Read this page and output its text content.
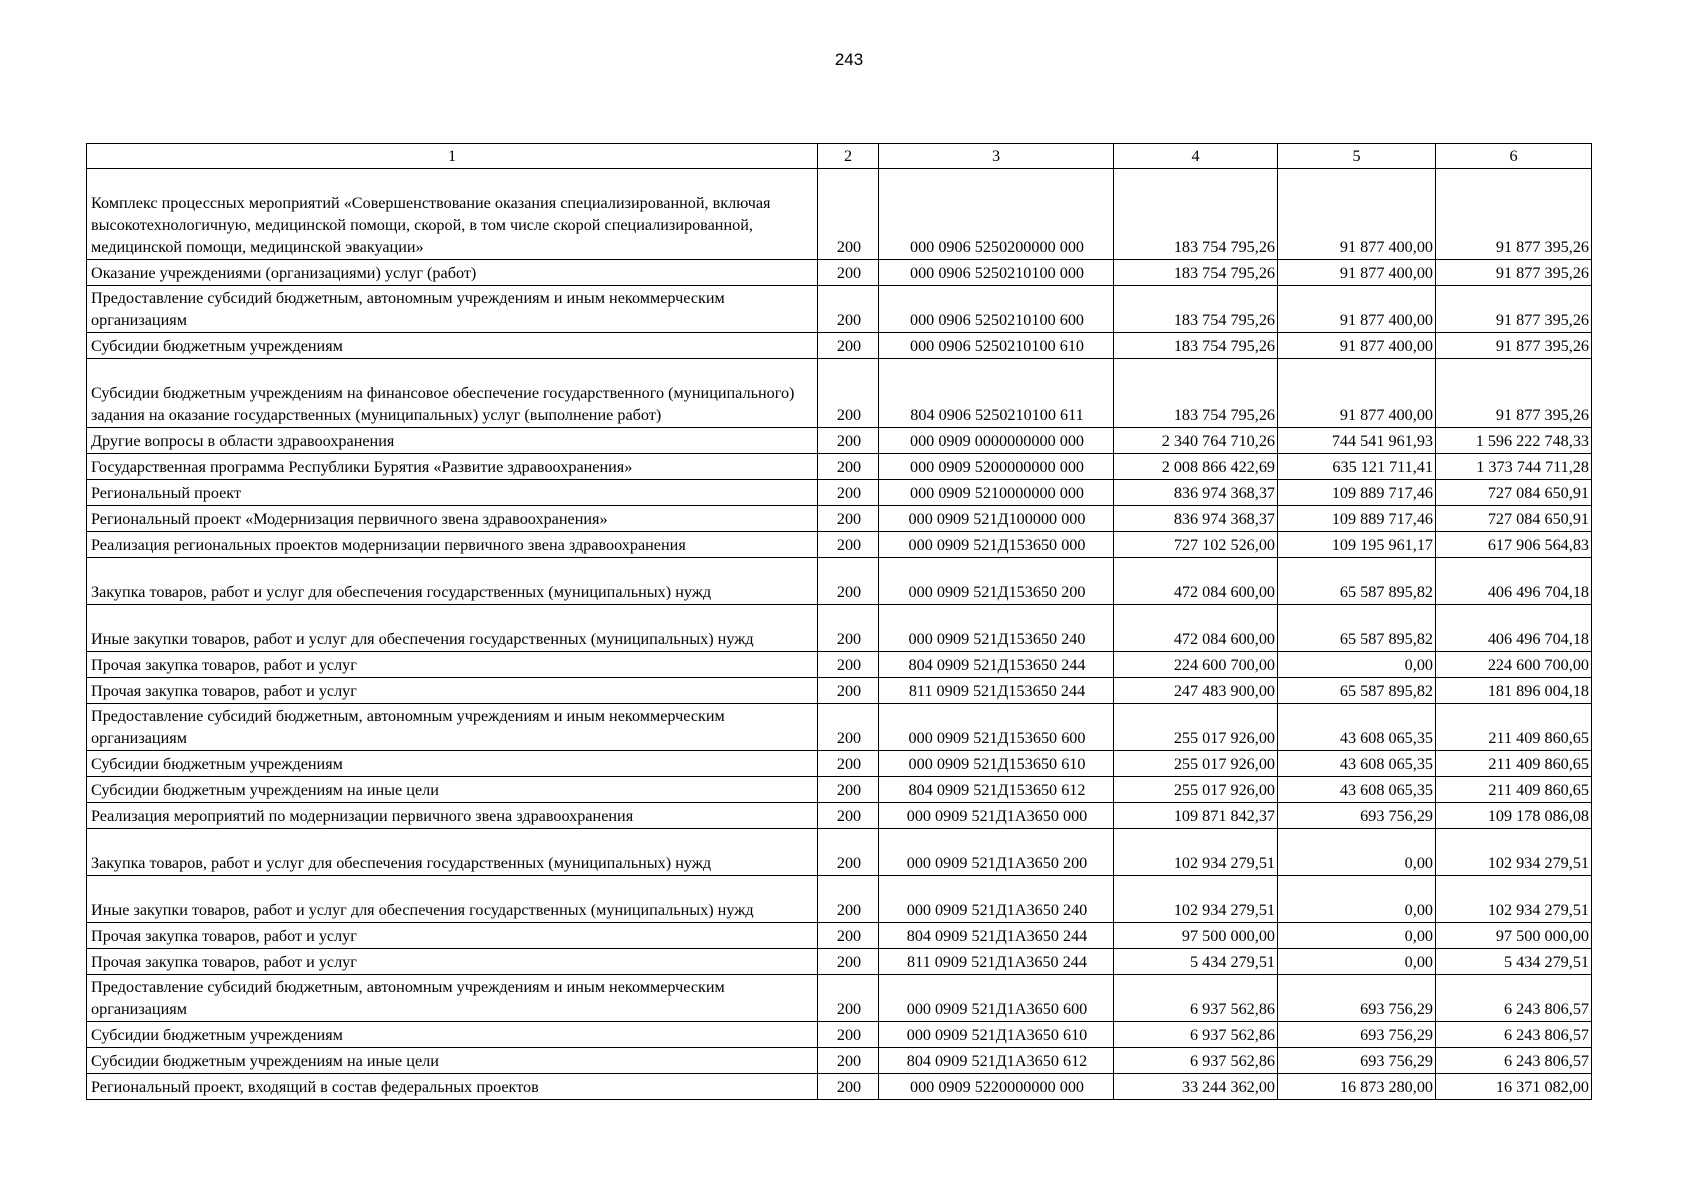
243
1	2	3	4	5	6
Комплекс процессных мероприятий «Совершенствование оказания специализированной, включая высокотехнологичную, медицинской помощи, скорой, в том числе скорой специализированной, медицинской помощи, медицинской эвакуации»	200	000 0906 5250200000 000	183 754 795,26	91 877 400,00	91 877 395,26
Оказание учреждениями (организациями) услуг (работ)	200	000 0906 5250210100 000	183 754 795,26	91 877 400,00	91 877 395,26
Предоставление субсидий бюджетным, автономным учреждениям и иным некоммерческим организациям	200	000 0906 5250210100 600	183 754 795,26	91 877 400,00	91 877 395,26
Субсидии бюджетным учреждениям	200	000 0906 5250210100 610	183 754 795,26	91 877 400,00	91 877 395,26
Субсидии бюджетным учреждениям на финансовое обеспечение государственного (муниципального) задания на оказание государственных (муниципальных) услуг (выполнение работ)	200	804 0906 5250210100 611	183 754 795,26	91 877 400,00	91 877 395,26
Другие вопросы в области здравоохранения	200	000 0909 0000000000 000	2 340 764 710,26	744 541 961,93	1 596 222 748,33
Государственная программа Республики Бурятия «Развитие здравоохранения»	200	000 0909 5200000000 000	2 008 866 422,69	635 121 711,41	1 373 744 711,28
Региональный проект	200	000 0909 5210000000 000	836 974 368,37	109 889 717,46	727 084 650,91
Региональный проект «Модернизация первичного звена здравоохранения»	200	000 0909 521Д100000 000	836 974 368,37	109 889 717,46	727 084 650,91
Реализация региональных проектов модернизации первичного звена здравоохранения	200	000 0909 521Д153650 000	727 102 526,00	109 195 961,17	617 906 564,83
Закупка товаров, работ и услуг для обеспечения государственных (муниципальных) нужд	200	000 0909 521Д153650 200	472 084 600,00	65 587 895,82	406 496 704,18
Иные закупки товаров, работ и услуг для обеспечения государственных (муниципальных) нужд	200	000 0909 521Д153650 240	472 084 600,00	65 587 895,82	406 496 704,18
Прочая закупка товаров, работ и услуг	200	804 0909 521Д153650 244	224 600 700,00	0,00	224 600 700,00
Прочая закупка товаров, работ и услуг	200	811 0909 521Д153650 244	247 483 900,00	65 587 895,82	181 896 004,18
Предоставление субсидий бюджетным, автономным учреждениям и иным некоммерческим организациям	200	000 0909 521Д153650 600	255 017 926,00	43 608 065,35	211 409 860,65
Субсидии бюджетным учреждениям	200	000 0909 521Д153650 610	255 017 926,00	43 608 065,35	211 409 860,65
Субсидии бюджетным учреждениям на иные цели	200	804 0909 521Д153650 612	255 017 926,00	43 608 065,35	211 409 860,65
Реализация мероприятий по модернизации первичного звена здравоохранения	200	000 0909 521Д1А3650 000	109 871 842,37	693 756,29	109 178 086,08
Закупка товаров, работ и услуг для обеспечения государственных (муниципальных) нужд	200	000 0909 521Д1А3650 200	102 934 279,51	0,00	102 934 279,51
Иные закупки товаров, работ и услуг для обеспечения государственных (муниципальных) нужд	200	000 0909 521Д1А3650 240	102 934 279,51	0,00	102 934 279,51
Прочая закупка товаров, работ и услуг	200	804 0909 521Д1А3650 244	97 500 000,00	0,00	97 500 000,00
Прочая закупка товаров, работ и услуг	200	811 0909 521Д1А3650 244	5 434 279,51	0,00	5 434 279,51
Предоставление субсидий бюджетным, автономным учреждениям и иным некоммерческим организациям	200	000 0909 521Д1А3650 600	6 937 562,86	693 756,29	6 243 806,57
Субсидии бюджетным учреждениям	200	000 0909 521Д1А3650 610	6 937 562,86	693 756,29	6 243 806,57
Субсидии бюджетным учреждениям на иные цели	200	804 0909 521Д1А3650 612	6 937 562,86	693 756,29	6 243 806,57
Региональный проект, входящий в состав федеральных проектов	200	000 0909 5220000000 000	33 244 362,00	16 873 280,00	16 371 082,00
